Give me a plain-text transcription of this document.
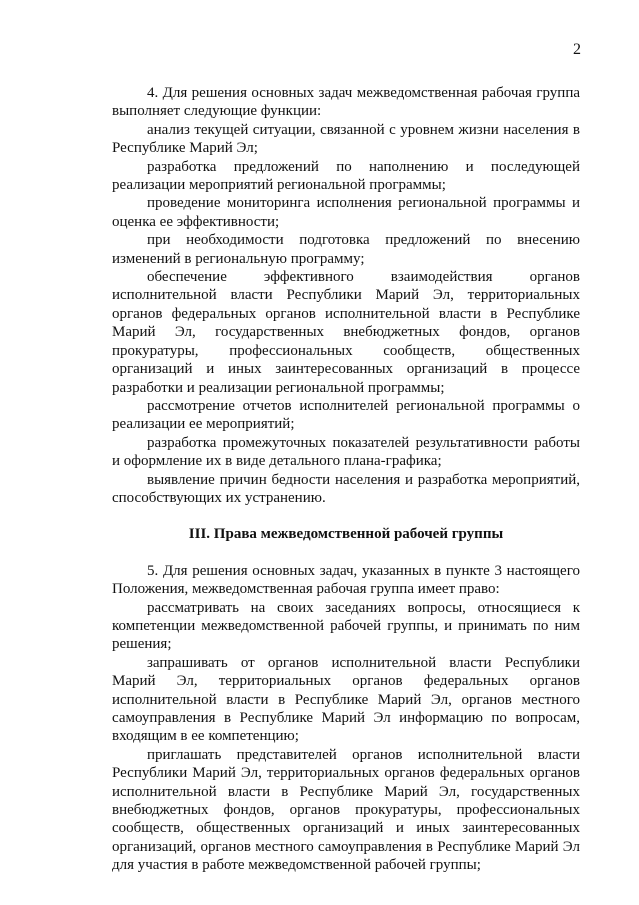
2

4. Для решения основных задач межведомственная рабочая группа выполняет следующие функции:

анализ текущей ситуации, связанной с уровнем жизни населения в Республике Марий Эл;

разработка предложений по наполнению и последующей реализации мероприятий региональной программы;

проведение мониторинга исполнения региональной программы и оценка ее эффективности;

при необходимости подготовка предложений по внесению изменений в региональную программу;

обеспечение эффективного взаимодействия органов исполнительной власти Республики Марий Эл, территориальных органов федеральных органов исполнительной власти в Республике Марий Эл, государственных внебюджетных фондов, органов прокуратуры, профессиональных сообществ, общественных организаций и иных заинтересованных организаций в процессе разработки и реализации региональной программы;

рассмотрение отчетов исполнителей региональной программы о реализации ее мероприятий;

разработка промежуточных показателей результативности работы и оформление их в виде детального плана-графика;

выявление причин бедности населения и разработка мероприятий, способствующих их устранению.

III. Права межведомственной рабочей группы

5. Для решения основных задач, указанных в пункте 3 настоящего Положения, межведомственная рабочая группа имеет право:

рассматривать на своих заседаниях вопросы, относящиеся к компетенции межведомственной рабочей группы, и принимать по ним решения;

запрашивать от органов исполнительной власти Республики Марий Эл, территориальных органов федеральных органов исполнительной власти в Республике Марий Эл, органов местного самоуправления в Республике Марий Эл информацию по вопросам, входящим в ее компетенцию;

приглашать представителей органов исполнительной власти Республики Марий Эл, территориальных органов федеральных органов исполнительной власти в Республике Марий Эл, государственных внебюджетных фондов, органов прокуратуры, профессиональных сообществ, общественных организаций и иных заинтересованных организаций, органов местного самоуправления в Республике Марий Эл для участия в работе межведомственной рабочей группы;
